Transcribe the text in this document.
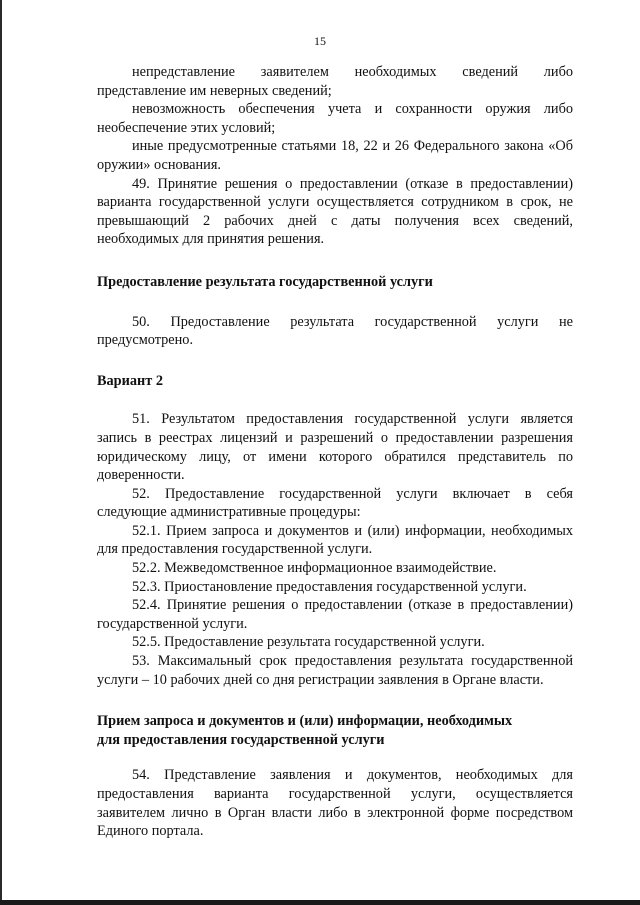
15

непредставление заявителем необходимых сведений либо

представление им неверных сведений;

невозможность обеспечения учета и сохранности оружия либо необеспечение этих условий;

иные предусмотренные статьями 18, 22 и 26 Федерального закона «Об оружии» основания.

49. Принятие решения о предоставлении (отказе в предоставлении) варианта государственной услуги осуществляется сотрудником в срок, не превышающий 2 рабочих дней с даты получения всех сведений, необходимых для принятия решения.

Предоставление результата государственной услуги

50. Предоставление результата государственной услуги не предусмотрено.

Вариант 2

51. Результатом предоставления государственной услуги является запись в реестрах лицензий и разрешений о предоставлении разрешения юридическому лицу, от имени которого обратился представитель по доверенности.

52. Предоставление государственной услуги включает в себя следующие административные процедуры:

52.1. Прием запроса и документов и (или) информации, необходимых для предоставления государственной услуги.

52.2. Межведомственное информационное взаимодействие.

52.3. Приостановление предоставления государственной услуги.

52.4. Принятие решения о предоставлении (отказе в предоставлении) государственной услуги.

52.5. Предоставление результата государственной услуги.

53. Максимальный срок предоставления результата государственной услуги – 10 рабочих дней со дня регистрации заявления в Органе власти.

Прием запроса и документов и (или) информации, необходимых

для предоставления государственной услуги

54. Представление заявления и документов, необходимых для предоставления варианта государственной услуги, осуществляется заявителем лично в Орган власти либо в электронной форме посредством Единого портала.
